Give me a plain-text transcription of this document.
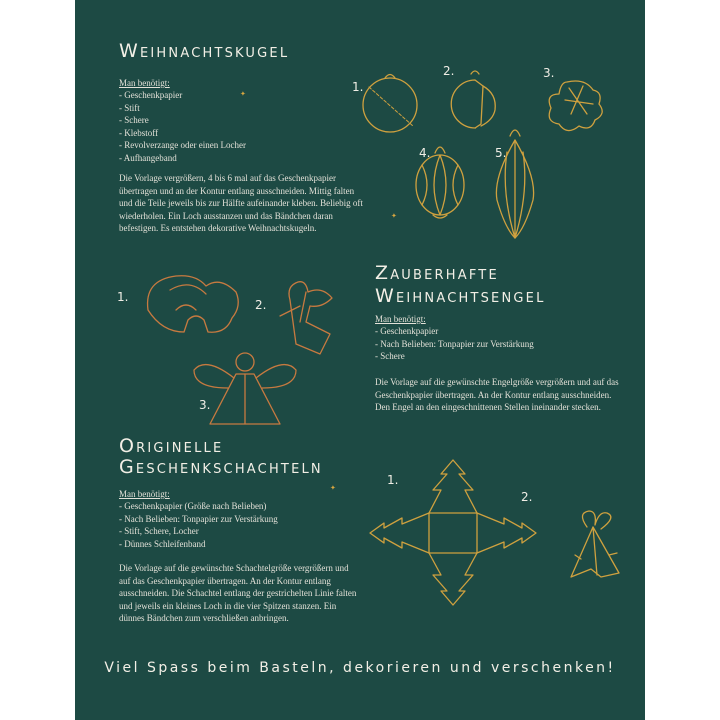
Weihnachtskugel
Man benötigt:
- Geschenkpapier
- Stift
- Schere
- Klebstoff
- Revolverzange oder einen Locher
- Aufhangeband

Die Vorlage vergrößern, 4 bis 6 mal auf das Geschenkpapier übertragen und an der Kontur entlang ausschneiden. Mittig falten und die Teile jeweils bis zur Hälfte aufeinander kleben. Beliebig oft wiederholen. Ein Loch ausstanzen und das Bändchen daran befestigen. Es entstehen dekorative Weihnachtskugeln.

✦
✦
1.
2.	3.
4.	5.
Zauberhafte
Weihnachtsengel
Man benötigt:
- Geschenkpapier
- Nach Belieben: Tonpapier zur Verstärkung
- Schere

Die Vorlage auf die gewünschte Engelgröße vergrößern und auf das Geschenkpapier übertragen. An der Kontur entlang ausschneiden. Den Engel an den eingeschnittenen Stellen ineinander stecken.

1.
2.
3.
Originelle
Geschenkschachteln
Man benötigt:
- Geschenkpapier (Größe nach Belieben)
- Nach Belieben: Tonpapier zur Verstärkung
- Stift, Schere, Locher
- Dünnes Schleifenband

Die Vorlage auf die gewünschte Schachtelgröße vergrößern und auf das Geschenkpapier übertragen. An der Kontur entlang ausschneiden. Die Schachtel entlang der gestrichelten Linie falten und jeweils ein kleines Loch in die vier Spitzen stanzen. Ein dünnes Bändchen zum verschließen anbringen.

✦
1.
2.
Viel Spass beim Basteln, dekorieren und verschenken!
